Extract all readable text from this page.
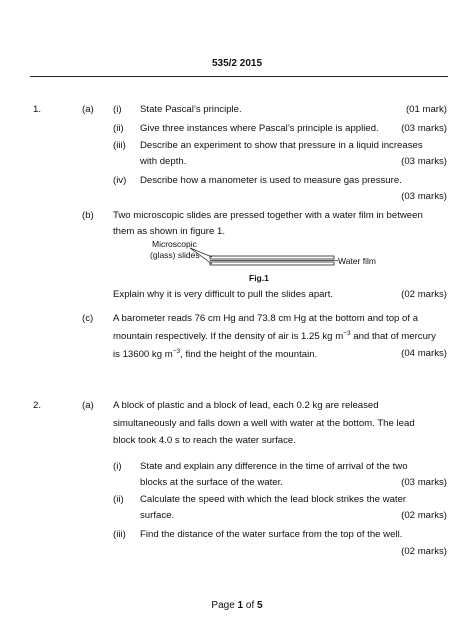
535/2 2015
1.	(a) (i) State Pascal’s principle.	(01 mark)
(ii) Give three instances where Pascal’s principle is applied. (03 marks)
(iii) Describe an experiment to show that pressure in a liquid increases
with depth.	(03 marks)
(iv) Describe how a manometer is used to measure gas pressure.
(03 marks)
(b) Two microscopic slides are pressed together with a water film in between
them as shown in figure 1.
Microscopic
(glass) slides
Water film
Fig.1
Explain why it is very difficult to pull the slides apart.	(02 marks)
(c) A barometer reads 76 cm Hg and 73.8 cm Hg at the bottom and top of a
mountain respectively. If the density of air is 1.25 kg $m^{-3}$ and that of mercury
is 13600 kg $m^{-3}$, find the height of the mountain.	(04 marks)
2.	(a) A block of plastic and a block of lead, each 0.2 kg are released
simultaneously and falls down a well with water at the bottom. The lead
block took 4.0 s to reach the water surface.
(i) State and explain any difference in the time of arrival of the two
blocks at the surface of the water.	(03 marks)
(ii) Calculate the speed with which the lead block strikes the water
surface.	(02 marks)
(iii) Find the distance of the water surface from the top of the well.
(02 marks)
Page 1 of 5
